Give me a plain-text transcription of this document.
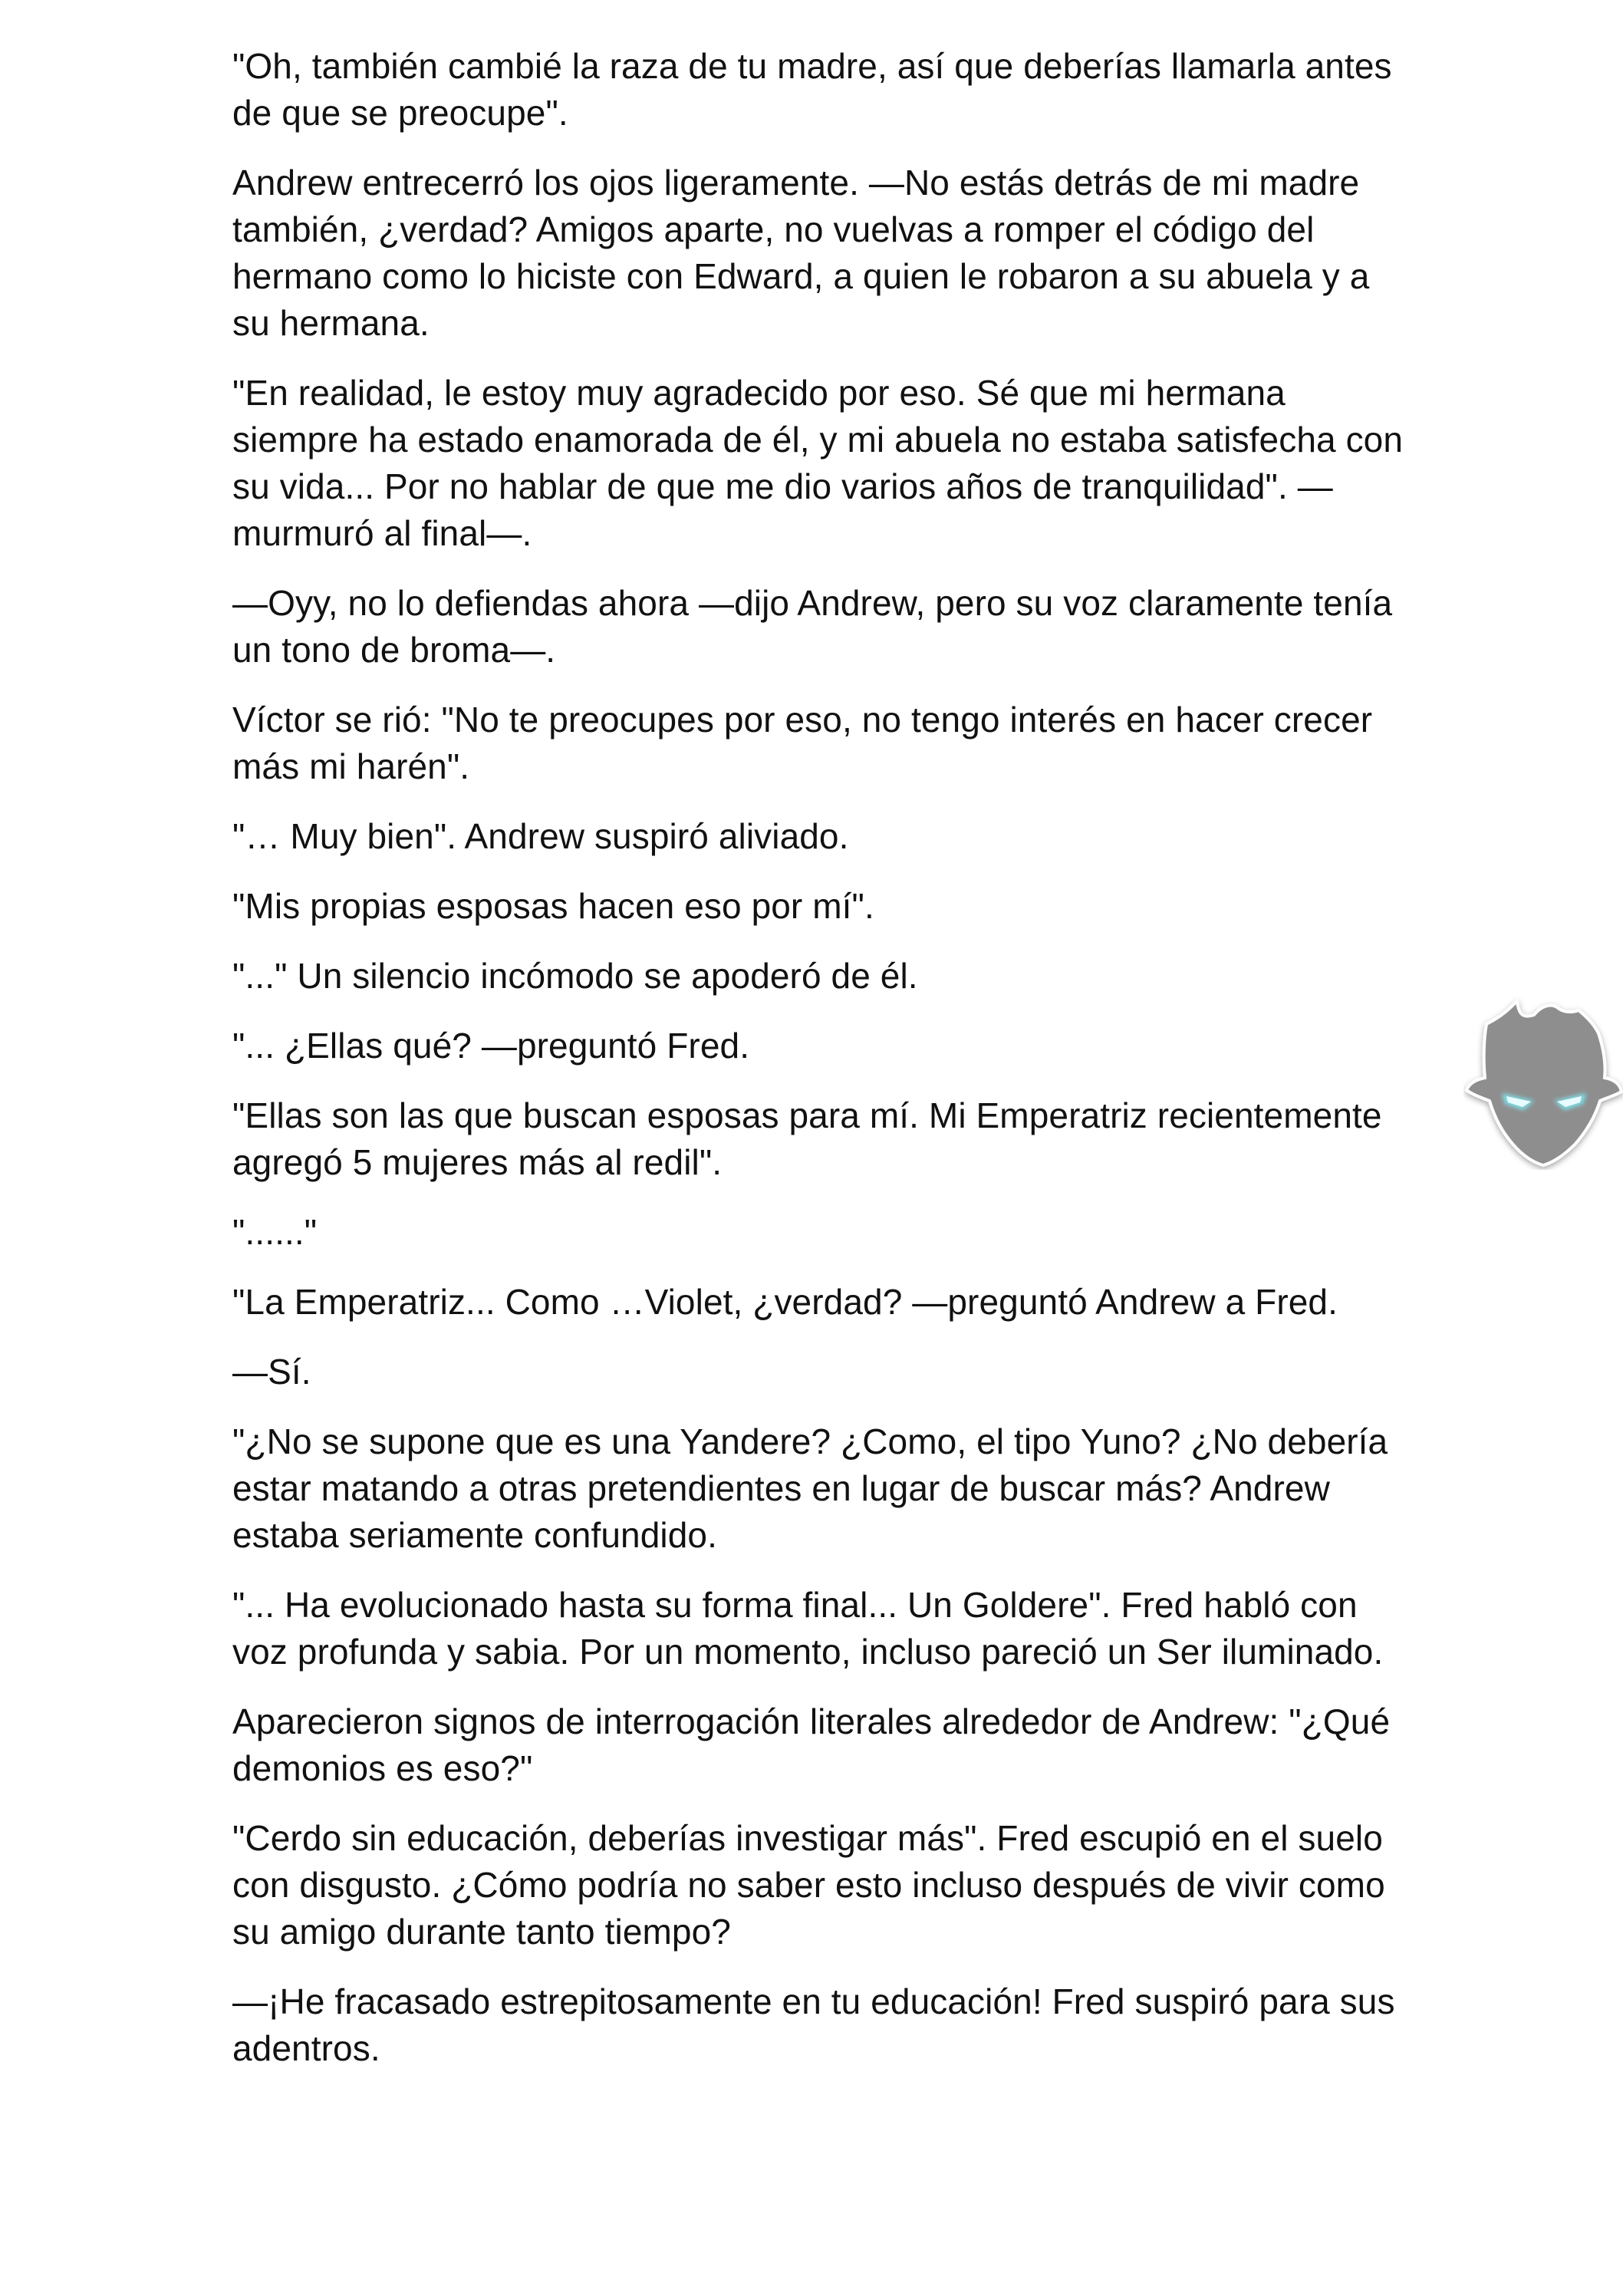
"Oh, también cambié la raza de tu madre, así que deberías llamarla antes de que se preocupe".

Andrew entrecerró los ojos ligeramente. —No estás detrás de mi madre también, ¿verdad? Amigos aparte, no vuelvas a romper el código del hermano como lo hiciste con Edward, a quien le robaron a su abuela y a su hermana.

"En realidad, le estoy muy agradecido por eso. Sé que mi hermana siempre ha estado enamorada de él, y mi abuela no estaba satisfecha con su vida... Por no hablar de que me dio varios años de tranquilidad". —murmuró al final—.

—Oyy, no lo defiendas ahora —dijo Andrew, pero su voz claramente tenía un tono de broma—.

Víctor se rió: "No te preocupes por eso, no tengo interés en hacer crecer más mi harén".

"… Muy bien". Andrew suspiró aliviado.

"Mis propias esposas hacen eso por mí".

"..." Un silencio incómodo se apoderó de él.

"... ¿Ellas qué? —preguntó Fred.

"Ellas son las que buscan esposas para mí. Mi Emperatriz recientemente agregó 5 mujeres más al redil".

"......"

"La Emperatriz... Como …Violet, ¿verdad? —preguntó Andrew a Fred.

—Sí.

"¿No se supone que es una Yandere? ¿Como, el tipo Yuno? ¿No debería estar matando a otras pretendientes en lugar de buscar más? Andrew estaba seriamente confundido.

"... Ha evolucionado hasta su forma final... Un Goldere". Fred habló con voz profunda y sabia. Por un momento, incluso pareció un Ser iluminado.

Aparecieron signos de interrogación literales alrededor de Andrew: "¿Qué demonios es eso?"

"Cerdo sin educación, deberías investigar más". Fred escupió en el suelo con disgusto. ¿Cómo podría no saber esto incluso después de vivir como su amigo durante tanto tiempo?

—¡He fracasado estrepitosamente en tu educación! Fred suspiró para sus adentros.
